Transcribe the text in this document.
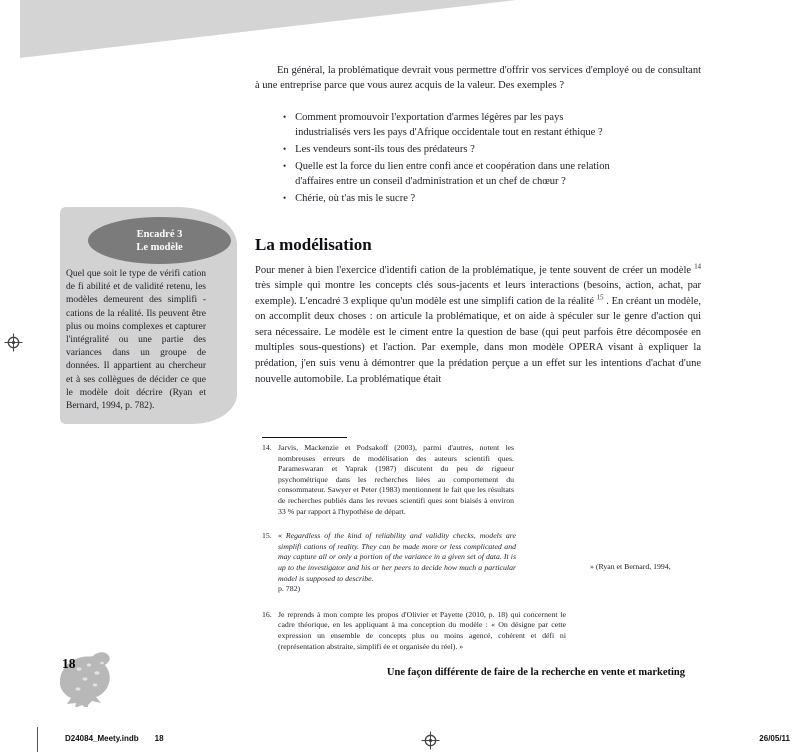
En général, la problématique devrait vous permettre d'offrir vos services d'employé ou de consultant à une entreprise parce que vous aurez acquis de la valeur. Des exemples ?

• Comment promouvoir l'exportation d'armes légères par les pays industrialisés vers les pays d'Afrique occidentale tout en restant éthique ?
• Les vendeurs sont-ils tous des prédateurs ?
• Quelle est la force du lien entre confi ance et coopération dans une relation d'affaires entre un conseil d'administration et un chef de chœur ?
• Chérie, où t'as mis le sucre ?
La modélisation

Pour mener à bien l'exercice d'identifi cation de la problématique, je tente souvent de créer un modèle $^{14}$ très simple qui montre les concepts clés sous-jacents et leurs interactions (besoins, action, achat, par exemple). L'encadré 3 explique qu'un modèle est une simplifi cation de la réalité $^{15}$ . En créant un modèle, on accomplit deux choses : on articule la problématique, et on aide à spéculer sur le genre d'action qui sera nécessaire. Le modèle est le ciment entre la question de base (qui peut parfois être décomposée en multiples sous-questions) et l'action. Par exemple, dans mon modèle OPERA visant à expliquer la prédation, j'en suis venu à démontrer que la prédation perçue a un effet sur les intentions d'achat d'une nouvelle automobile. La problématique était

Encadré 3
Le modèle
Quel que soit le type de vérifi cation de fi abilité et de validité retenu, les modèles demeurent des simplifi - cations de la réalité. Ils peuvent être plus ou moins complexes et capturer l'intégralité ou une partie des variances dans un groupe de données. Il appartient au chercheur et à ses collègues de décider ce que le modèle doit décrire (Ryan et Bernard, 1994, p. 782).
14. Jarvis, Mackenzie et Podsakoff (2003), parmi d'autres, notent les nombreuses erreurs de modélisation des auteurs scientifi ques. Parameswaran et Yaprak (1987) discutent du peu de rigueur psychométrique dans les recherches liées au comportement du consommateur. Sawyer et Peter (1983) mentionnent le fait que les résultats de recherches publiés dans les revues scientifi ques sont biaisés à environ 33 % par rapport à l'hypothèse de départ.
15. « Regardless of the kind of reliability and validity checks, models are simplifi cations of reality. They can be made more or less complicated and may capture all or only a portion of the variance in a given set of data. It is up to the investigator and his or her peers to decide how much a particular model is supposed to describe.
» (Ryan et Bernard, 1994,
p. 782)
16. Je reprends à mon compte les propos d'Olivier et Payette (2010, p. 18) qui concernent le cadre théorique, en les appliquant à ma conception du modèle : « On désigne par cette expression un ensemble de concepts plus ou moins agencé, cohérent et défi ni (représentation abstraite, simplifi ée et organisée du réel). »
18
Une façon différente de faire de la recherche en vente et marketing
D24084_Meety.indb 18	26/05/11
